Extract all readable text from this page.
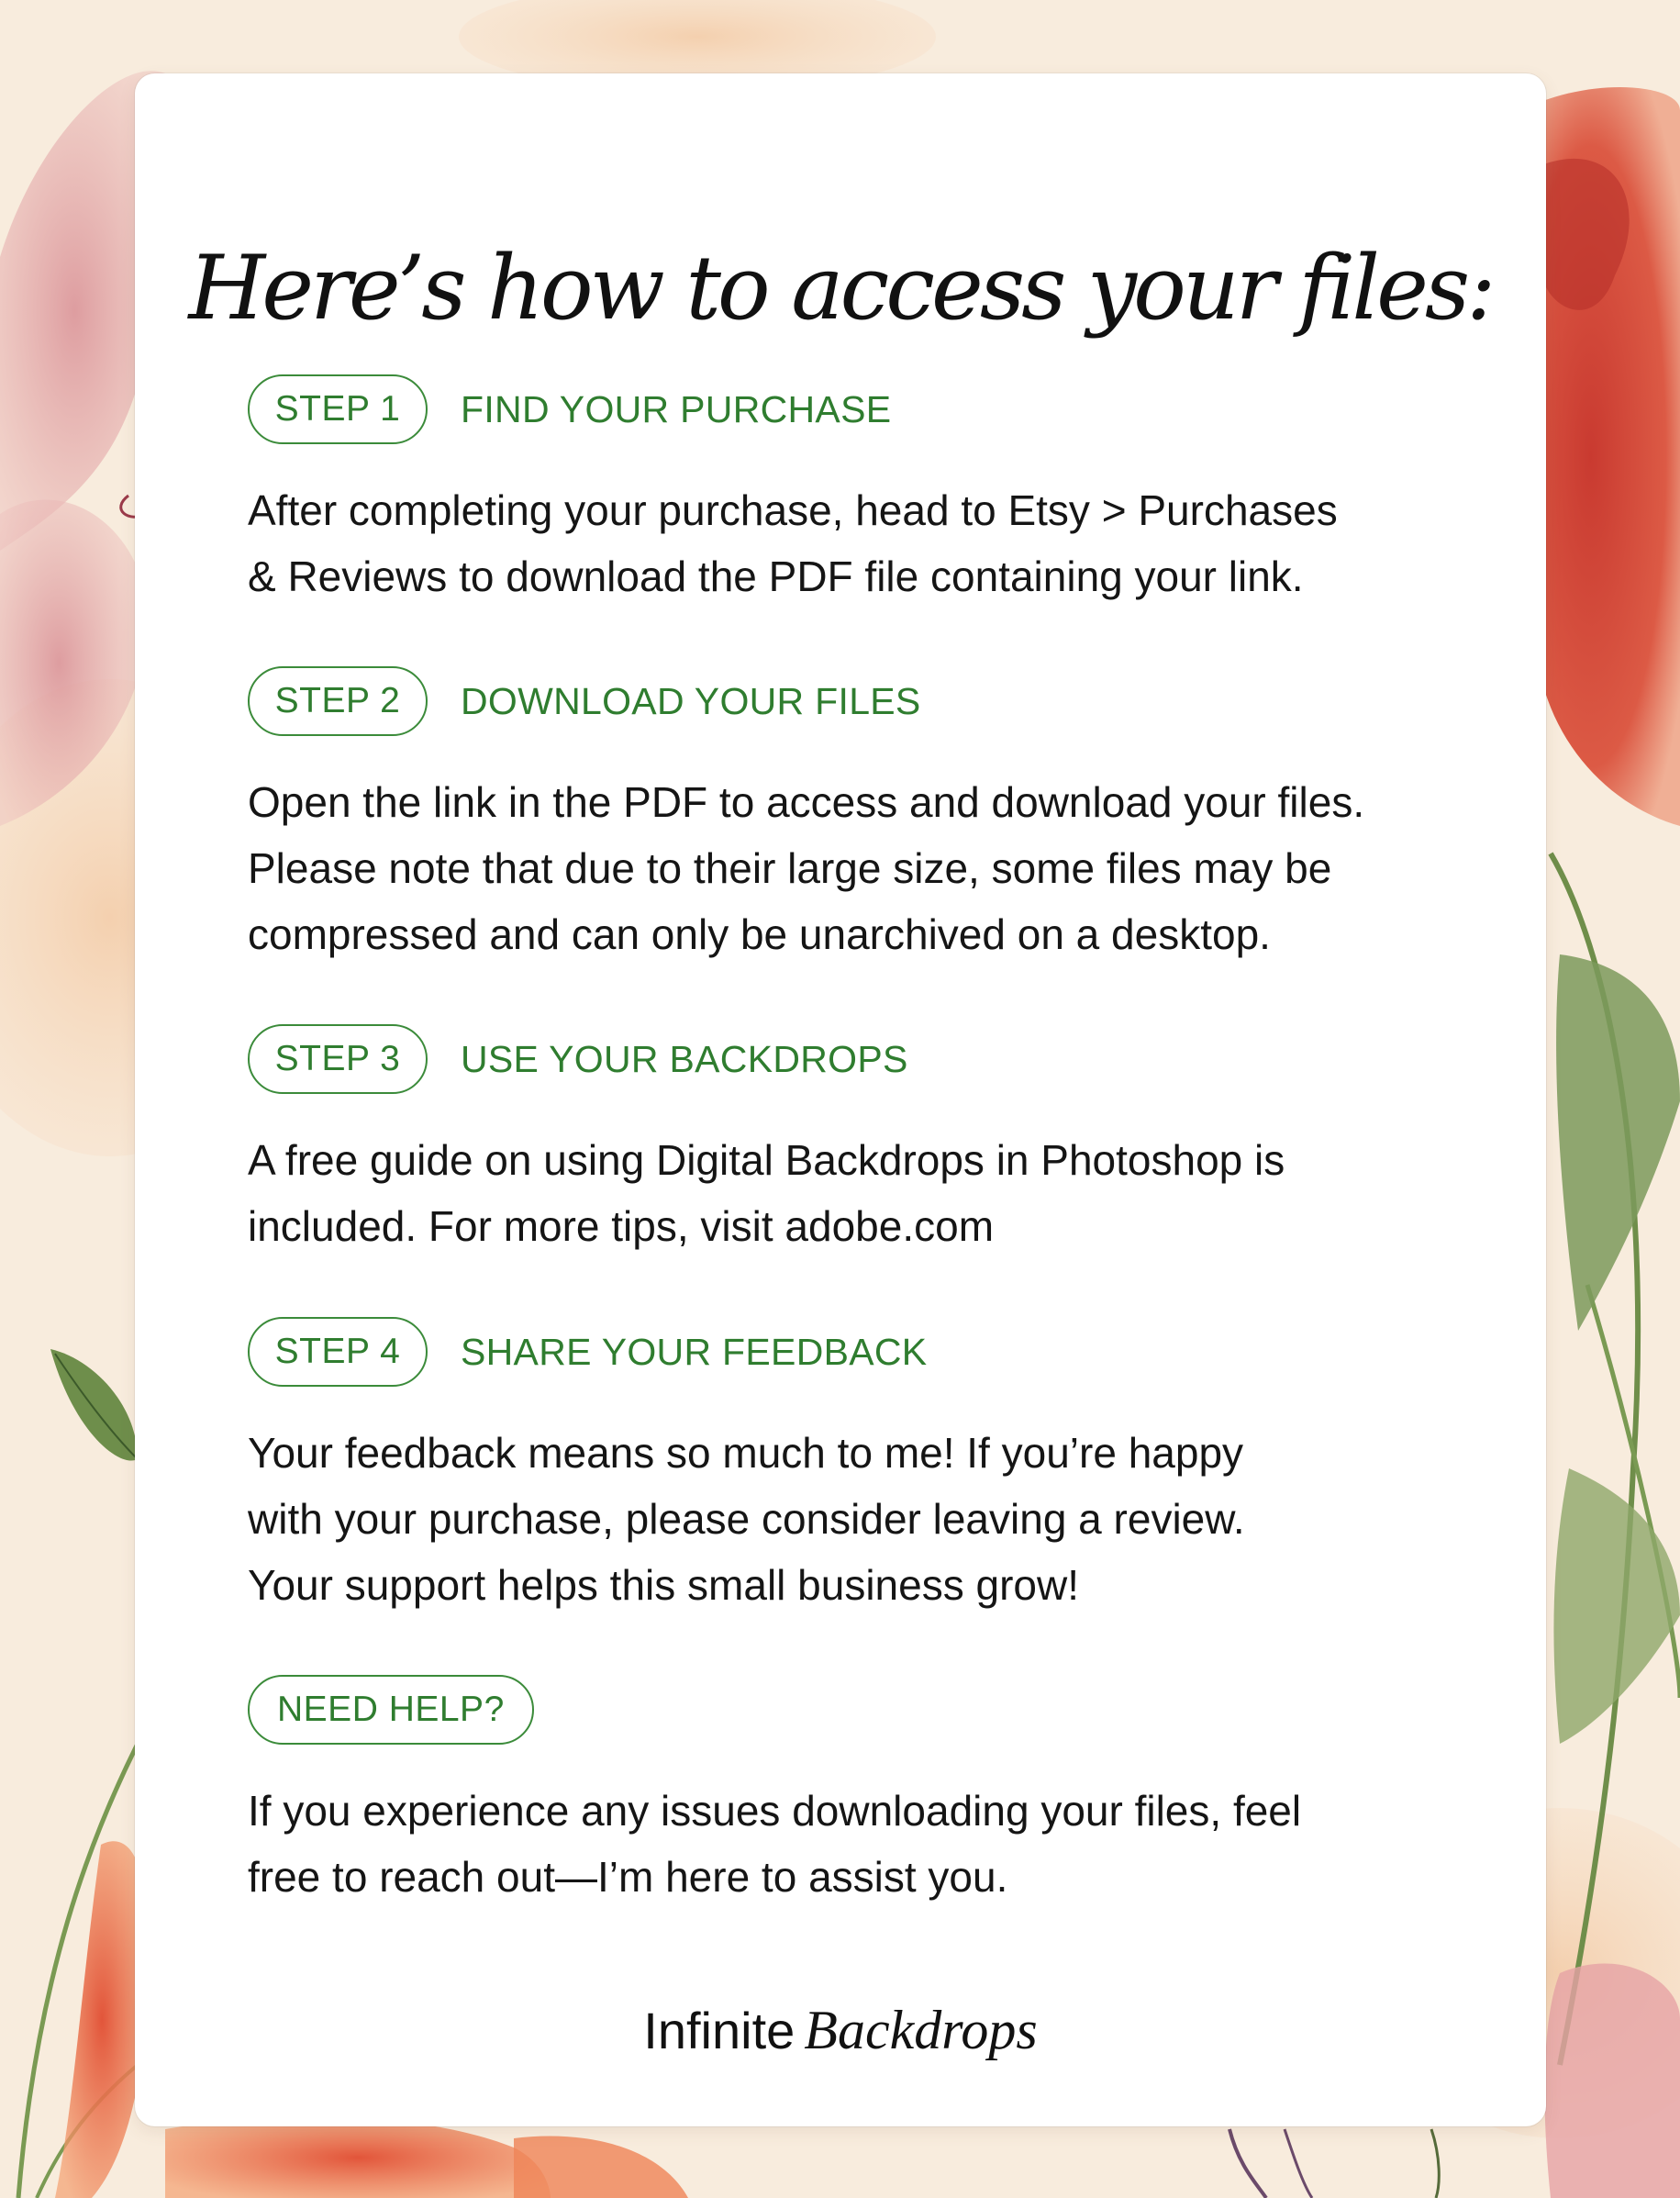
Here’s how to access your files:
STEP 1	FIND YOUR PURCHASE

After completing your purchase, head to Etsy > Purchases
& Reviews to download the PDF file containing your link.

STEP 2	DOWNLOAD YOUR FILES

Open the link in the PDF to access and download your files.
Please note that due to their large size, some files may be
compressed and can only be unarchived on a desktop.

STEP 3	USE YOUR BACKDROPS

A free guide on using Digital Backdrops in Photoshop is
included. For more tips, visit adobe.com

STEP 4	SHARE YOUR FEEDBACK

Your feedback means so much to me! If you’re happy
with your purchase, please consider leaving a review.
Your support helps this small business grow!

NEED HELP?

If you experience any issues downloading your files, feel
free to reach out—I’m here to assist you.

Infinite Backdrops
